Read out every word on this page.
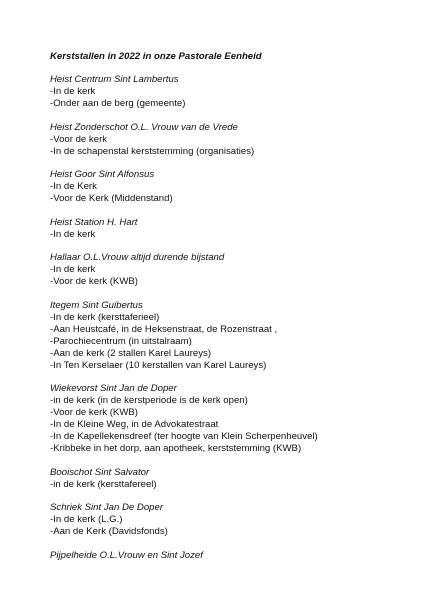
Kerststallen in 2022 in onze Pastorale Eenheid
Heist Centrum Sint Lambertus
-In de kerk
-Onder aan de berg (gemeente)
Heist Zonderschot O.L. Vrouw van de Vrede
-Voor de kerk
-In de schapenstal kerststemming (organisaties)
Heist Goor Sint Alfonsus
-In de Kerk
-Voor de Kerk (Middenstand)
Heist Station H. Hart
-In de kerk
Hallaar O.L.Vrouw altijd durende bijstand
-In de kerk
-Voor de kerk (KWB)
Itegem Sint Guibertus
-In de kerk (kersttaferieel)
-Aan Heustcafé, in de Heksenstraat, de Rozenstraat ,
-Parochiecentrum (in uitstalraam)
-Aan de kerk (2 stallen Karel Laureys)
-In Ten Kerselaer (10 kerstallen van Karel Laureys)
Wiekevorst Sint Jan de Doper
-in de kerk (in de kerstperiode is de kerk open)
-Voor de kerk (KWB)
-In de Kleine Weg, in de Advokatestraat
-In de Kapellekensdreef (ter hoogte van Klein Scherpenheuvel)
-Kribbeke in het dorp, aan apotheek, kerststemming (KWB)
Booischot Sint Salvator
-in de kerk (kersttafereel)
Schriek Sint Jan De Doper
-In de kerk (L.G.)
-Aan de Kerk (Davidsfonds)
Pijpelheide O.L.Vrouw en Sint Jozef
